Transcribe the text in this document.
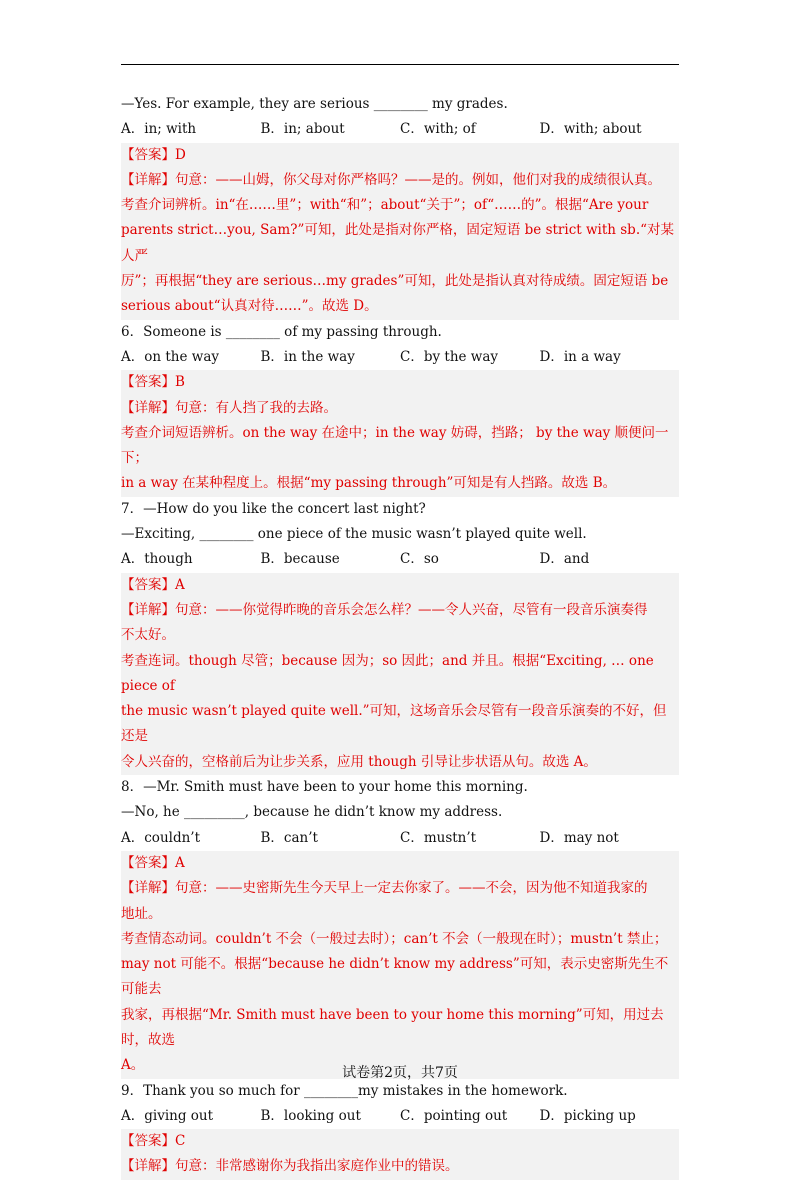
—Yes. For example, they are serious ________ my grades.
A．in; with	B．in; about	C．with; of	D．with; about
【答案】D
【详解】句意：——山姆，你父母对你严格吗？——是的。例如，他们对我的成绩很认真。
考查介词辨析。in“在……里”；with“和”；about“关于”；of“……的”。根据“Are your
parents strict…you, Sam?”可知，此处是指对你严格，固定短语 be strict with sb.“对某人严
厉”；再根据“they are serious…my grades”可知，此处是指认真对待成绩。固定短语 be
serious about“认真对待……”。故选 D。
6．Someone is ________ of my passing through.
A．on the way	B．in the way	C．by the way	D．in a way
【答案】B
【详解】句意：有人挡了我的去路。
考查介词短语辨析。on the way 在途中；in the way 妨碍，挡路； by the way 顺便问一下；
in a way 在某种程度上。根据“my passing through”可知是有人挡路。故选 B。
7．—How do you like the concert last night?
—Exciting, ________ one piece of the music wasn’t played quite well.
A．though	B．because	C．so	D．and
【答案】A
【详解】句意：——你觉得昨晚的音乐会怎么样？——令人兴奋，尽管有一段音乐演奏得
不太好。
考查连词。though 尽管；because 因为；so 因此；and 并且。根据“Exciting, … one piece of
the music wasn’t played quite well.”可知，这场音乐会尽管有一段音乐演奏的不好，但还是
令人兴奋的，空格前后为让步关系，应用 though 引导让步状语从句。故选 A。
8．—Mr. Smith must have been to your home this morning.
—No, he _________, because he didn’t know my address.
A．couldn’t	B．can’t	C．mustn’t	D．may not
【答案】A
【详解】句意：——史密斯先生今天早上一定去你家了。——不会，因为他不知道我家的
地址。
考查情态动词。couldn’t 不会（一般过去时）；can’t 不会（一般现在时）；mustn’t 禁止；
may not 可能不。根据“because he didn’t know my address”可知，表示史密斯先生不可能去
我家，再根据“Mr. Smith must have been to your home this morning”可知，用过去时，故选
A。
9．Thank you so much for ________my mistakes in the homework.
A．giving out	B．looking out	C．pointing out	D．picking up
【答案】C
【详解】句意：非常感谢你为我指出家庭作业中的错误。
试卷第2页，共7页
